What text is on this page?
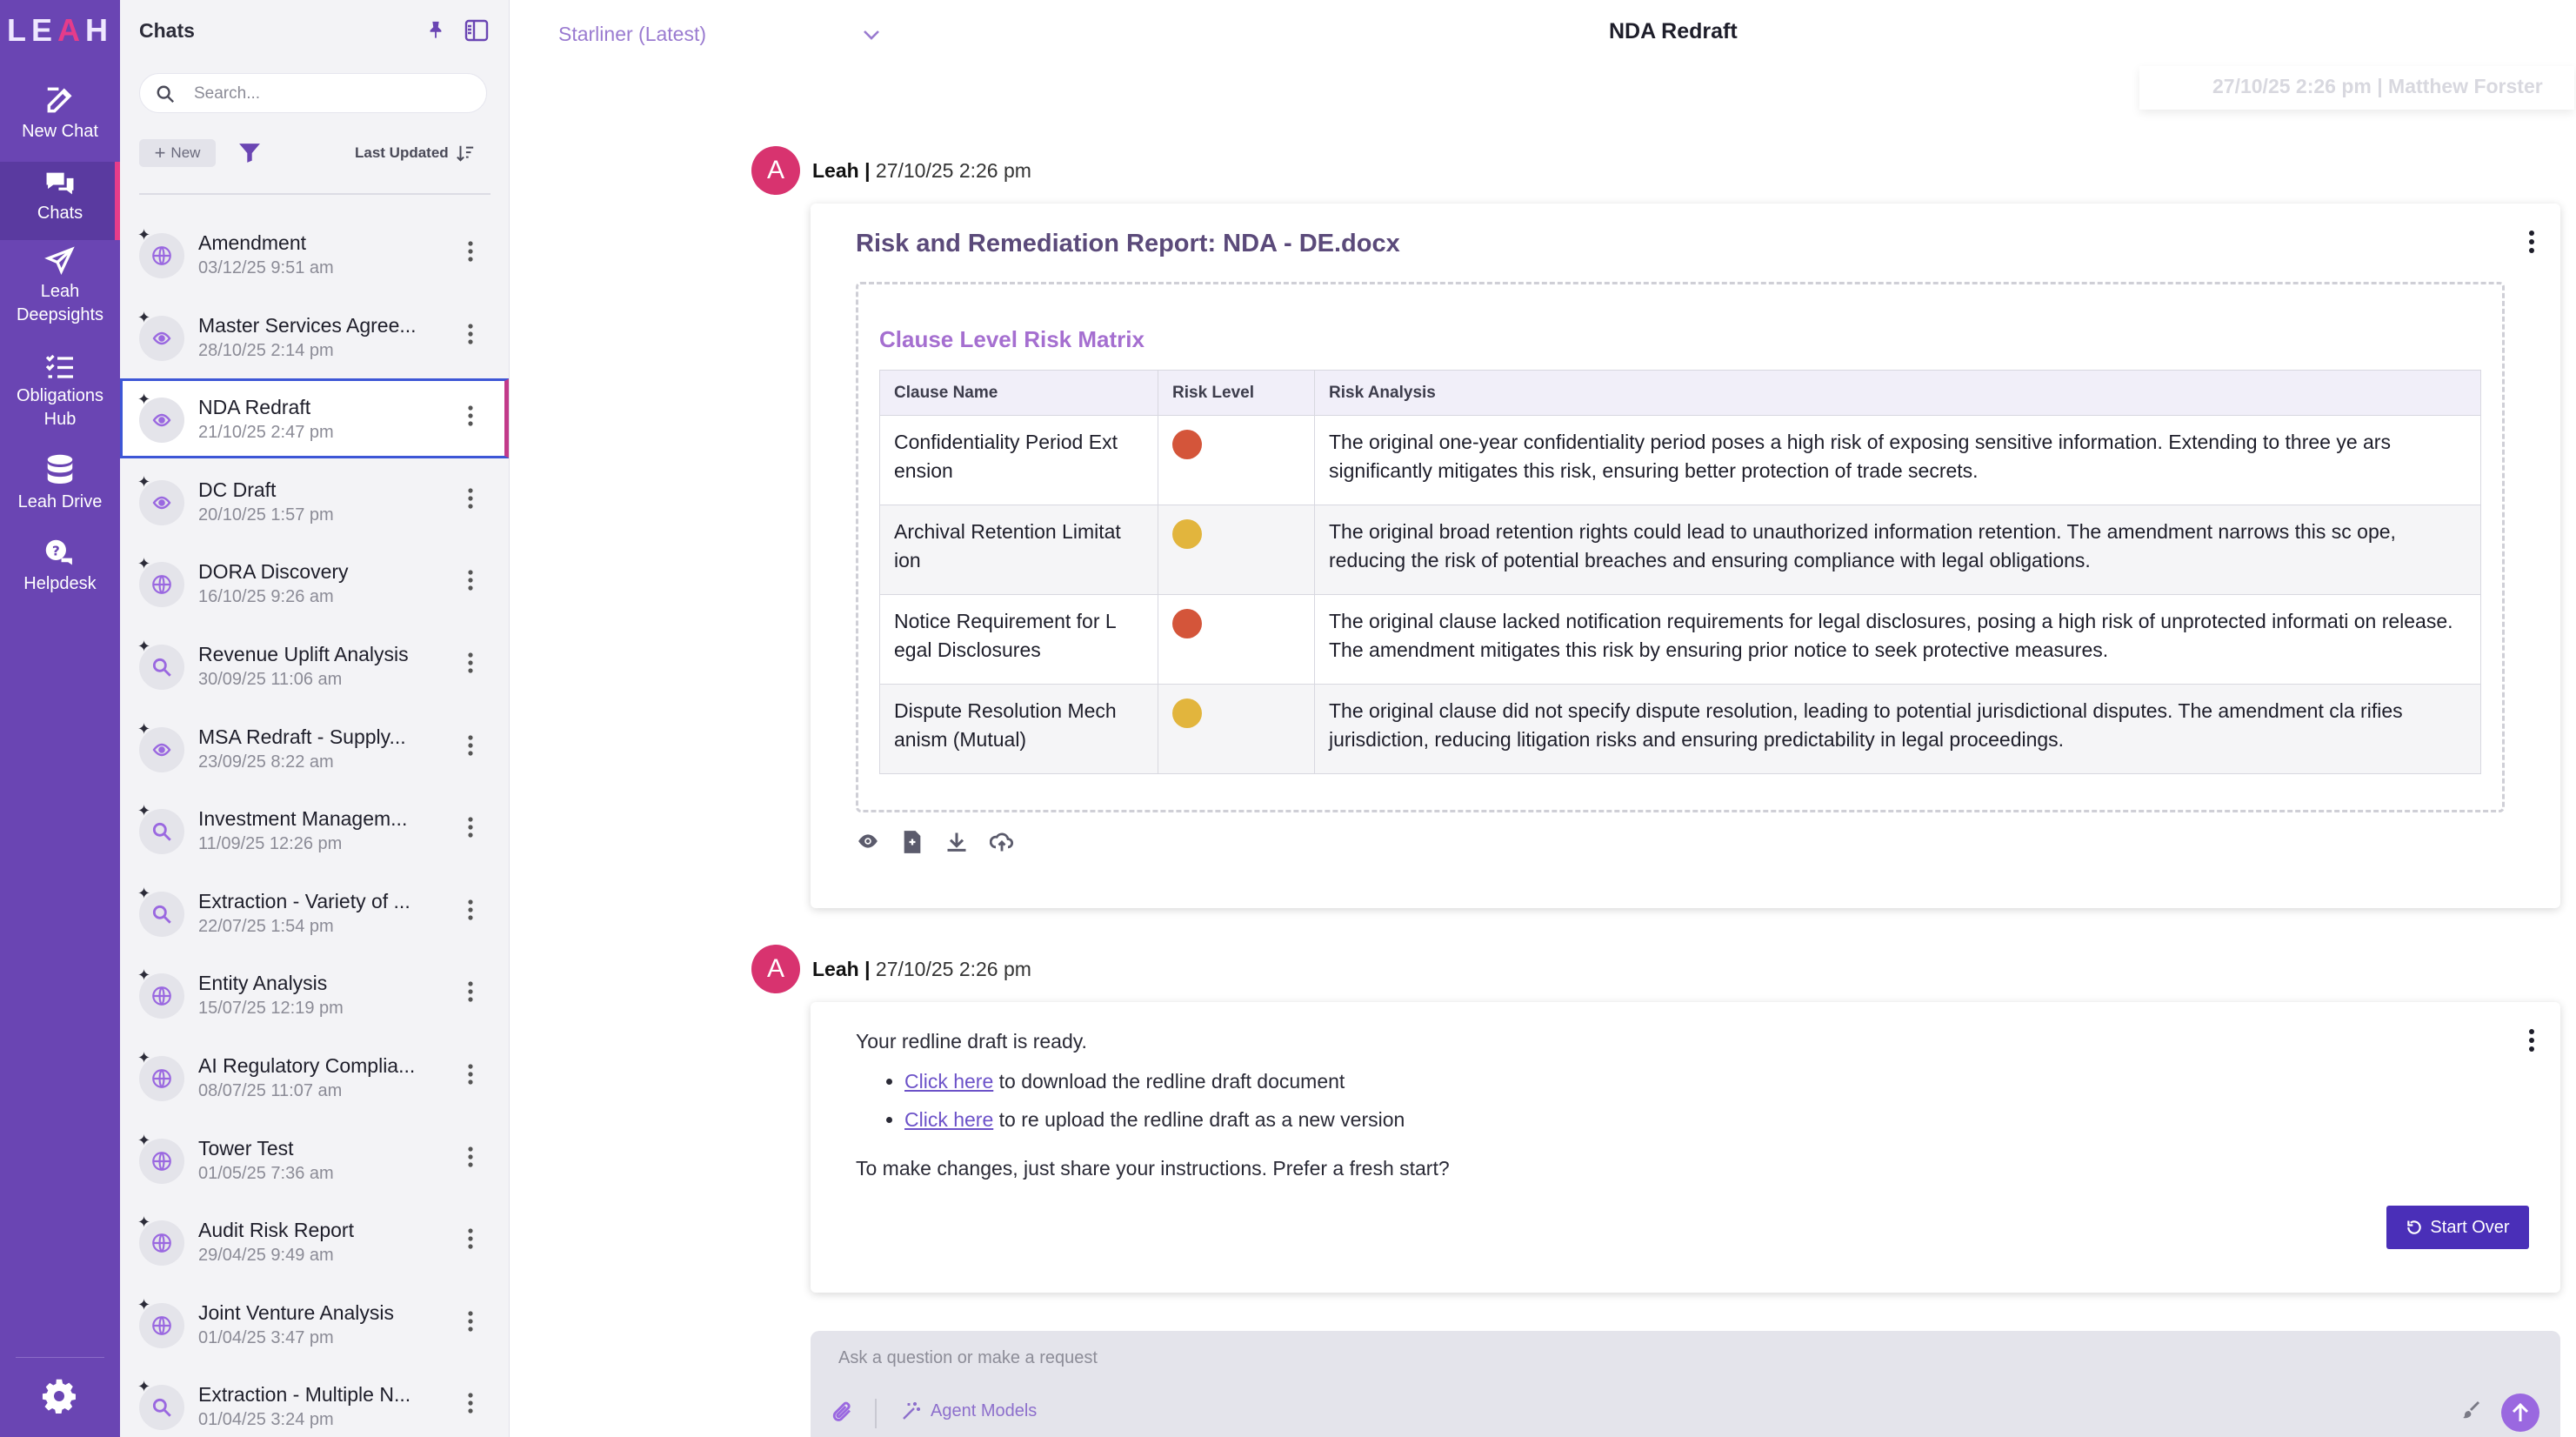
LEAH
New Chat
Chats
Leah
Deepsights
Obligations
Hub
Leah Drive
?
Helpdesk
Chats
Search...
+ New	Last Updated
✦ Amendment
03/12/25 9:51 am
✦ Master Services Agree...
28/10/25 2:14 pm
✦ NDA Redraft
21/10/25 2:47 pm
✦ DC Draft
20/10/25 1:57 pm
✦ DORA Discovery
16/10/25 9:26 am
✦ Revenue Uplift Analysis
30/09/25 11:06 am
✦ MSA Redraft - Supply...
23/09/25 8:22 am
✦ Investment Managem...
11/09/25 12:26 pm
✦ Extraction - Variety of ...
22/07/25 1:54 pm
✦ Entity Analysis
15/07/25 12:19 pm
✦ AI Regulatory Complia...
08/07/25 11:07 am
✦ Tower Test
01/05/25 7:36 am
✦ Audit Risk Report
29/04/25 9:49 am
✦ Joint Venture Analysis
01/04/25 3:47 pm
✦ Extraction - Multiple N...
01/04/25 3:24 pm
Starliner (Latest)	NDA Redraft
27/10/25 2:26 pm | Matthew Forster
A	Leah | 27/10/25 2:26 pm
Risk and Remediation Report: NDA - DE.docx
Clause Level Risk Matrix
Clause Name	Risk Level	Risk Analysis
Confidentiality Period Ext ension		The original one-year confidentiality period poses a high risk of exposing sensitive information. Extending to three ye ars significantly mitigates this risk, ensuring better protection of trade secrets.
Archival Retention Limitat ion		The original broad retention rights could lead to unauthorized information retention. The amendment narrows this sc ope, reducing the risk of potential breaches and ensuring compliance with legal obligations.
Notice Requirement for L egal Disclosures		The original clause lacked notification requirements for legal disclosures, posing a high risk of unprotected informati on release. The amendment mitigates this risk by ensuring prior notice to seek protective measures.
Dispute Resolution Mech anism (Mutual)		The original clause did not specify dispute resolution, leading to potential jurisdictional disputes. The amendment cla rifies jurisdiction, reducing litigation risks and ensuring predictability in legal proceedings.
A	Leah | 27/10/25 2:26 pm
Your redline draft is ready.
• Click here to download the redline draft document
• Click here to re upload the redline draft as a new version
To make changes, just share your instructions. Prefer a fresh start?
Start Over
Ask a question or make a request
Agent Models
